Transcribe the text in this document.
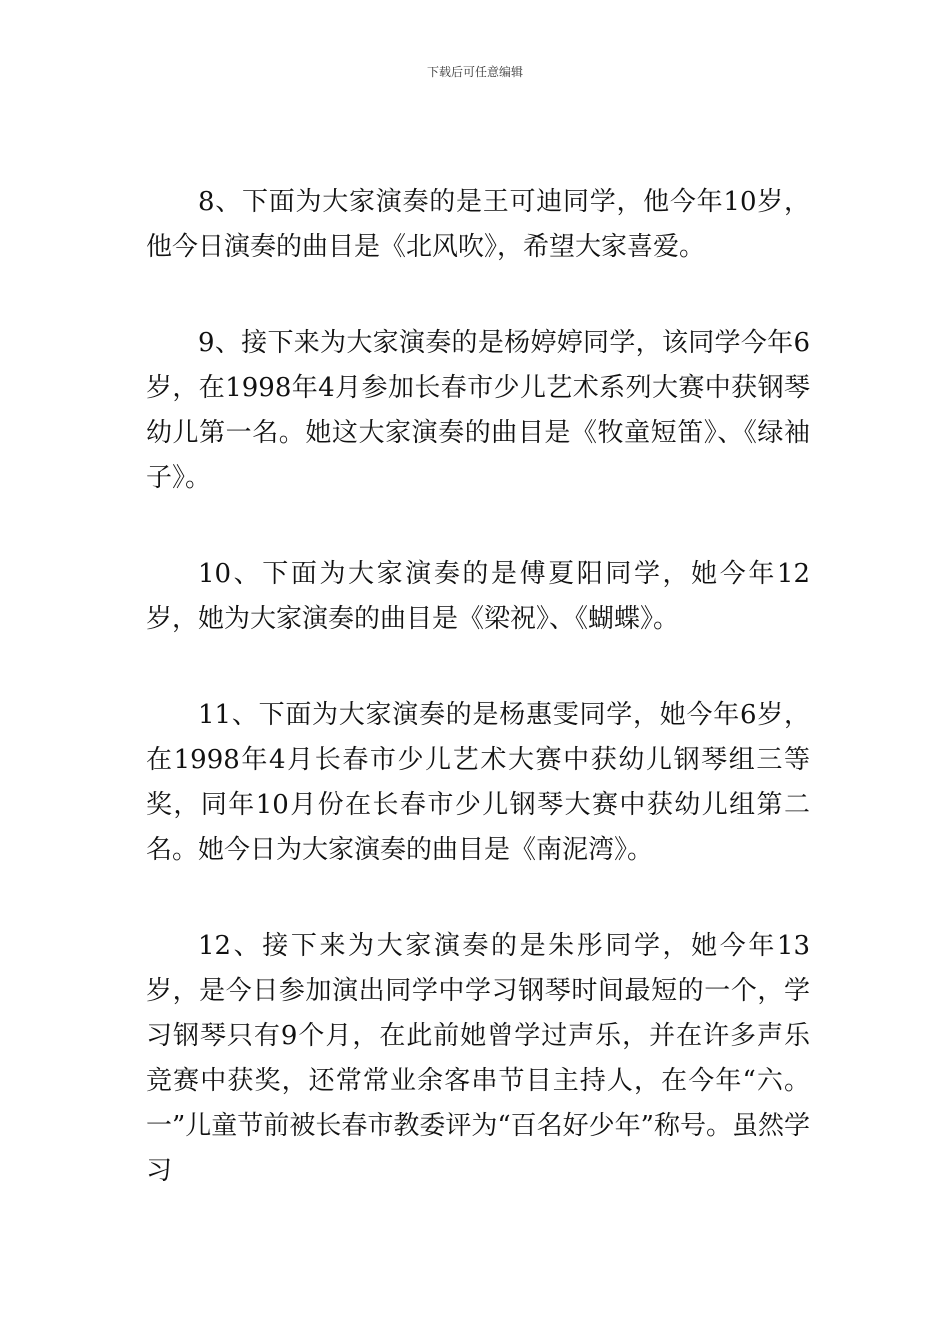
下载后可任意编辑

8、下面为大家演奏的是王可迪同学，他今年10岁，他今日演奏的曲目是《北风吹》，希望大家喜爱。

9、接下来为大家演奏的是杨婷婷同学，该同学今年6岁，在1998年4月参加长春市少儿艺术系列大赛中获钢琴幼儿第一名。她这大家演奏的曲目是《牧童短笛》、《绿袖子》。

10、下面为大家演奏的是傅夏阳同学，她今年12岁，她为大家演奏的曲目是《梁祝》、《蝴蝶》。

11、下面为大家演奏的是杨惠雯同学，她今年6岁，在1998年4月长春市少儿艺术大赛中获幼儿钢琴组三等奖，同年10月份在长春市少儿钢琴大赛中获幼儿组第二名。她今日为大家演奏的曲目是《南泥湾》。

12、接下来为大家演奏的是朱彤同学，她今年13岁，是今日参加演出同学中学习钢琴时间最短的一个，学习钢琴只有9个月，在此前她曾学过声乐，并在许多声乐竞赛中获奖，还常常业余客串节目主持人，在今年“六。一”儿童节前被长春市教委评为“百名好少年”称号。虽然学习
